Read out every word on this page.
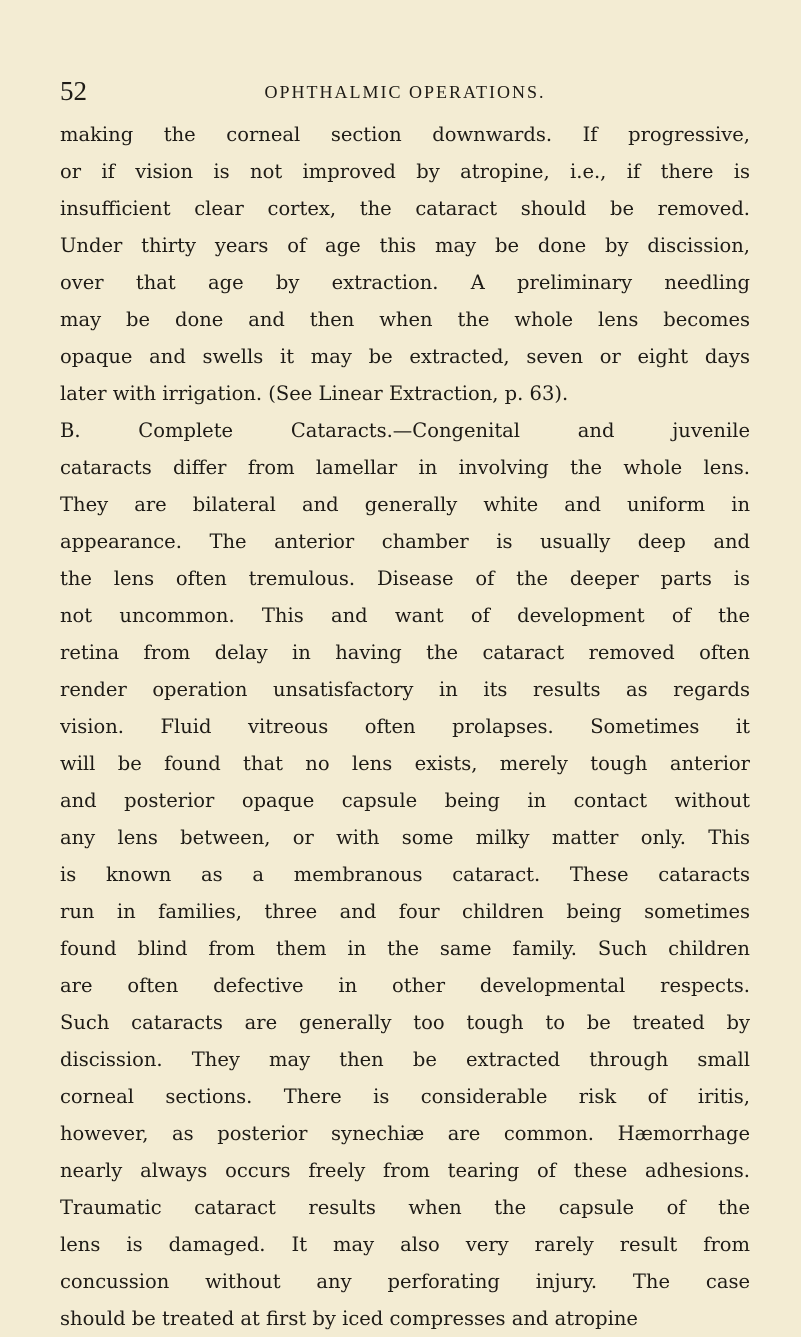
52	OPHTHALMIC OPERATIONS.
making the corneal section downwards. If progressive,
or if vision is not improved by atropine, i.e., if there is
insufficient clear cortex, the cataract should be removed.
Under thirty years of age this may be done by discission,
over that age by extraction. A preliminary needling
may be done and then when the whole lens becomes
opaque and swells it may be extracted, seven or eight days
later with irrigation. (See Linear Extraction, p. 63).
B. Complete Cataracts.—Congenital and juvenile
cataracts differ from lamellar in involving the whole lens.
They are bilateral and generally white and uniform in
appearance. The anterior chamber is usually deep and
the lens often tremulous. Disease of the deeper parts is
not uncommon. This and want of development of the
retina from delay in having the cataract removed often
render operation unsatisfactory in its results as regards
vision. Fluid vitreous often prolapses. Sometimes it
will be found that no lens exists, merely tough anterior
and posterior opaque capsule being in contact without
any lens between, or with some milky matter only. This
is known as a membranous cataract. These cataracts
run in families, three and four children being sometimes
found blind from them in the same family. Such children
are often defective in other developmental respects.
Such cataracts are generally too tough to be treated by
discission. They may then be extracted through small
corneal sections. There is considerable risk of iritis,
however, as posterior synechiæ are common. Hæmorrhage
nearly always occurs freely from tearing of these adhesions.
Traumatic cataract results when the capsule of the
lens is damaged. It may also very rarely result from
concussion without any perforating injury. The case
should be treated at first by iced compresses and atropine
